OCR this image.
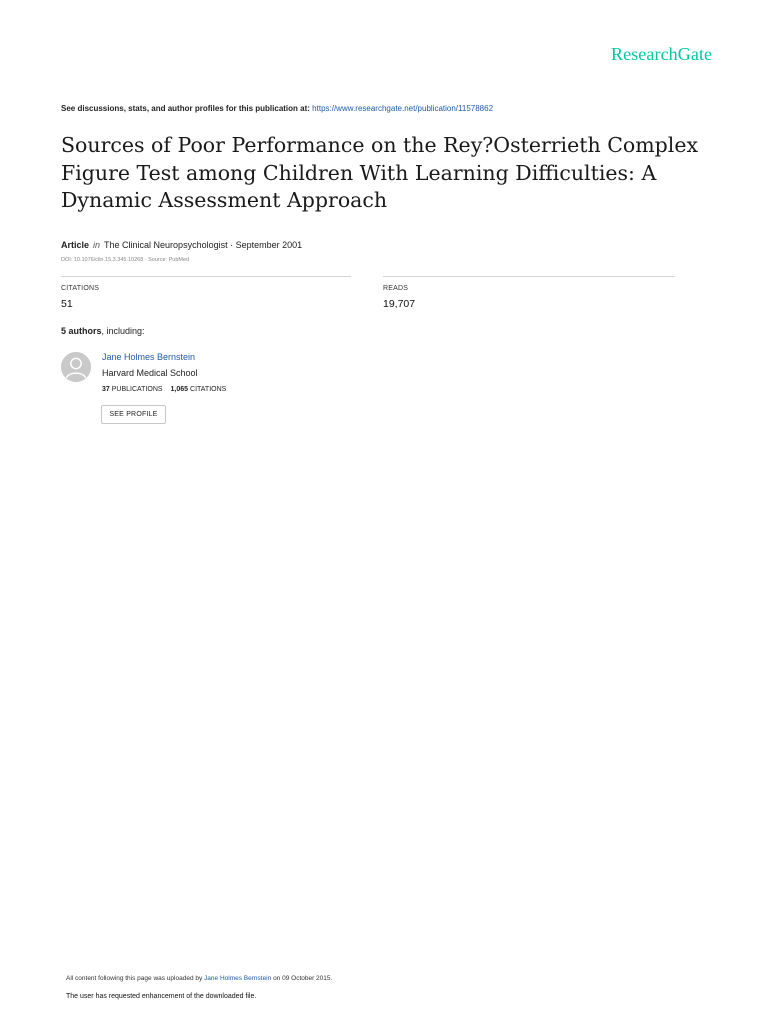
ResearchGate
See discussions, stats, and author profiles for this publication at: https://www.researchgate.net/publication/11578862
Sources of Poor Performance on the Rey?Osterrieth Complex Figure Test among Children With Learning Difficulties: A Dynamic Assessment Approach
Article in The Clinical Neuropsychologist · September 2001
DOI: 10.1076/clin.15.3.345.10268 · Source: PubMed
CITATIONS
51
READS
19,707
5 authors, including:
Jane Holmes Bernstein
Harvard Medical School
37 PUBLICATIONS 1,065 CITATIONS
SEE PROFILE
All content following this page was uploaded by Jane Holmes Bernstein on 09 October 2015.
The user has requested enhancement of the downloaded file.
